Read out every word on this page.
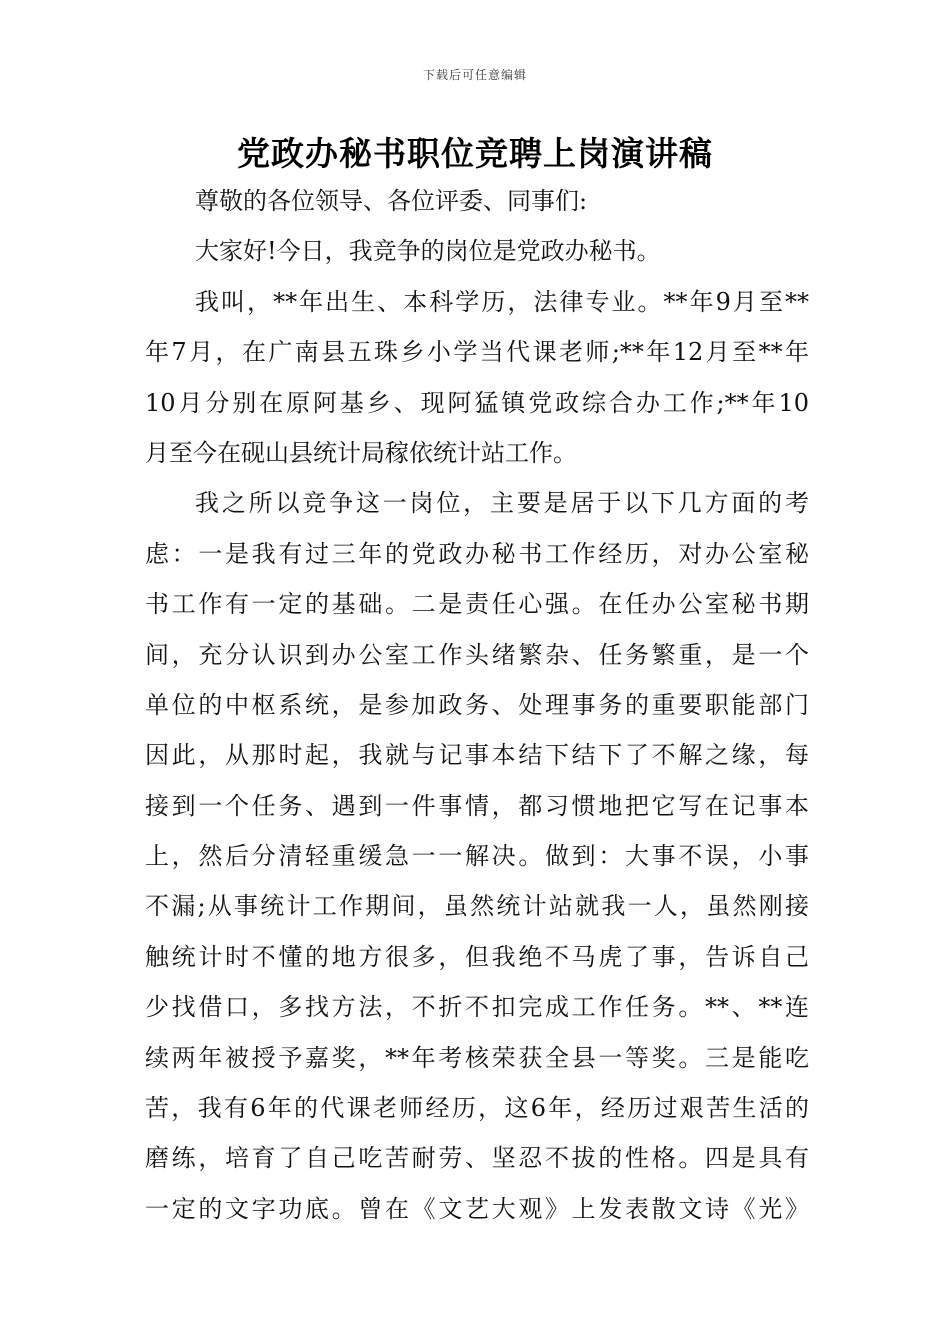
下载后可任意编辑
党政办秘书职位竞聘上岗演讲稿
尊敬的各位领导、各位评委、同事们:
大家好!今日，我竞争的岗位是党政办秘书。
我叫，**年出生、本科学历，法律专业。**年9月至**
年7月，在广南县五珠乡小学当代课老师;**年12月至**年
10月分别在原阿基乡、现阿猛镇党政综合办工作;**年10
月至今在砚山县统计局稼依统计站工作。
我之所以竞争这一岗位，主要是居于以下几方面的考
虑：一是我有过三年的党政办秘书工作经历，对办公室秘
书工作有一定的基础。二是责任心强。在任办公室秘书期
间，充分认识到办公室工作头绪繁杂、任务繁重，是一个
单位的中枢系统，是参加政务、处理事务的重要职能部门
因此，从那时起，我就与记事本结下结下了不解之缘，每
接到一个任务、遇到一件事情，都习惯地把它写在记事本
上，然后分清轻重缓急一一解决。做到：大事不误，小事
不漏;从事统计工作期间，虽然统计站就我一人，虽然刚接
触统计时不懂的地方很多，但我绝不马虎了事，告诉自己
少找借口，多找方法，不折不扣完成工作任务。**、**连
续两年被授予嘉奖，**年考核荣获全县一等奖。三是能吃
苦，我有6年的代课老师经历，这6年，经历过艰苦生活的
磨练，培育了自己吃苦耐劳、坚忍不拔的性格。四是具有
一定的文字功底。曾在《文艺大观》上发表散文诗《光》
